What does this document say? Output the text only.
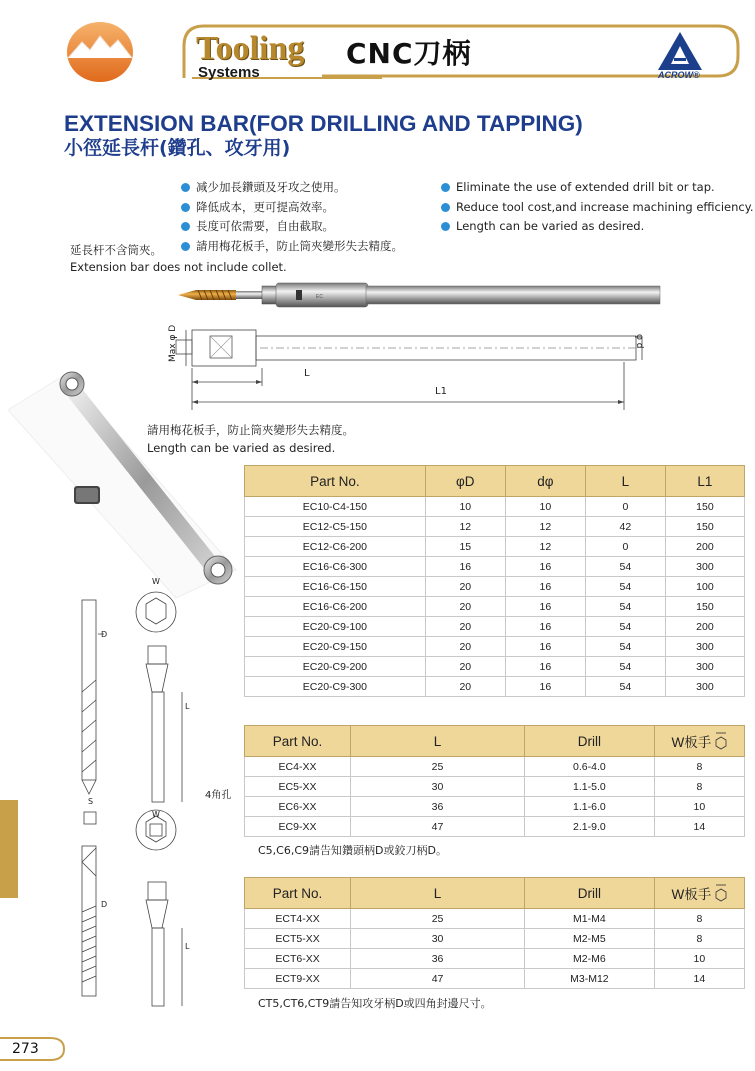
Tooling
Systems
CNC刀柄
ACROW®
EXTENSION BAR(FOR DRILLING AND TAPPING)
小徑延長杆(鑽孔、攻牙用)
减少加長鑽頭及牙攻之使用。
降低成本，更可提高效率。
長度可依需要，自由截取。
請用梅花板手，防止筒夾變形失去精度。
Eliminate the use of extended drill bit or tap.
Reduce tool cost,and increase machining efficiency.
Length can be varied as desired.
延長杆不含筒夾。
Extension bar does not include collet.
EC
Max φ D	φ d
L
L1
請用梅花板手，防止筒夾變形失去精度。
Length can be varied as desired.
W
D
L
S
W
4角孔
D
L
Part No.	φD	dφ	L	L1
EC10-C4-150	10	10	0	150
EC12-C5-150	12	12	42	150
EC12-C6-200	15	12	0	200
EC16-C6-300	16	16	54	300
EC16-C6-150	20	16	54	100
EC16-C6-200	20	16	54	150
EC20-C9-100	20	16	54	200
EC20-C9-150	20	16	54	300
EC20-C9-200	20	16	54	300
EC20-C9-300	20	16	54	300
Part No.	L	Drill	W板手

EC4-XX	25	0.6-4.0	8
EC5-XX	30	1.1-5.0	8
EC6-XX	36	1.1-6.0	10
EC9-XX	47	2.1-9.0	14
C5,C6,C9請告知鑽頭柄D或鉸刀柄D。
Part No.	L	Drill	W板手

ECT4-XX	25	M1-M4	8
ECT5-XX	30	M2-M5	8
ECT6-XX	36	M2-M6	10
ECT9-XX	47	M3-M12	14
CT5,CT6,CT9請告知攻牙柄D或四角封邊尺寸。
273
